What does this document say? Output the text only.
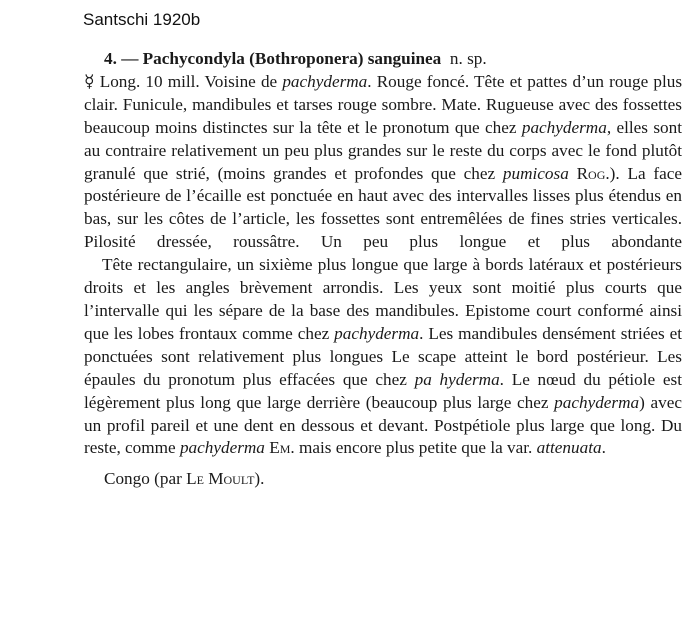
Santschi 1920b

4. — Pachycondyla (Bothroponera) sanguinea n. sp.

☿ Long. 10 mill. Voisine de pachyderma. Rouge foncé. Tête et pattes d’un rouge plus clair. Funicule, mandibules et tarses rouge sombre. Mate. Rugueuse avec des fossettes beaucoup moins distinctes sur la tête et le pronotum que chez pachyderma, elles sont au contraire relativement un peu plus grandes sur le reste du corps avec le fond plutôt granulé que strié, (moins grandes et profondes que chez pumicosa Rog.). La face postérieure de l’écaille est ponctuée en haut avec des intervalles lisses plus étendus en bas, sur les côtes de l’article, les fossettes sont entremêlées de fines stries verticales. Pilosité dressée, roussâtre. Un peu plus longue et plus abondante

Tête rectangulaire, un sixième plus longue que large à bords latéraux et postérieurs droits et les angles brèvement arrondis. Les yeux sont moitié plus courts que l’intervalle qui les sépare de la base des mandibules. Epistome court conformé ainsi que les lobes frontaux comme chez pachyderma. Les mandibules densément striées et ponctuées sont relativement plus longues Le scape atteint le bord postérieur. Les épaules du pronotum plus effacées que chez pa hyderma. Le nœud du pétiole est légèrement plus long que large derrière (beaucoup plus large chez pachyderma) avec un profil pareil et une dent en dessous et devant. Postpétiole plus large que long. Du reste, comme pachyderma Em. mais encore plus petite que la var. attenuata.

Congo (par Le Moult).
